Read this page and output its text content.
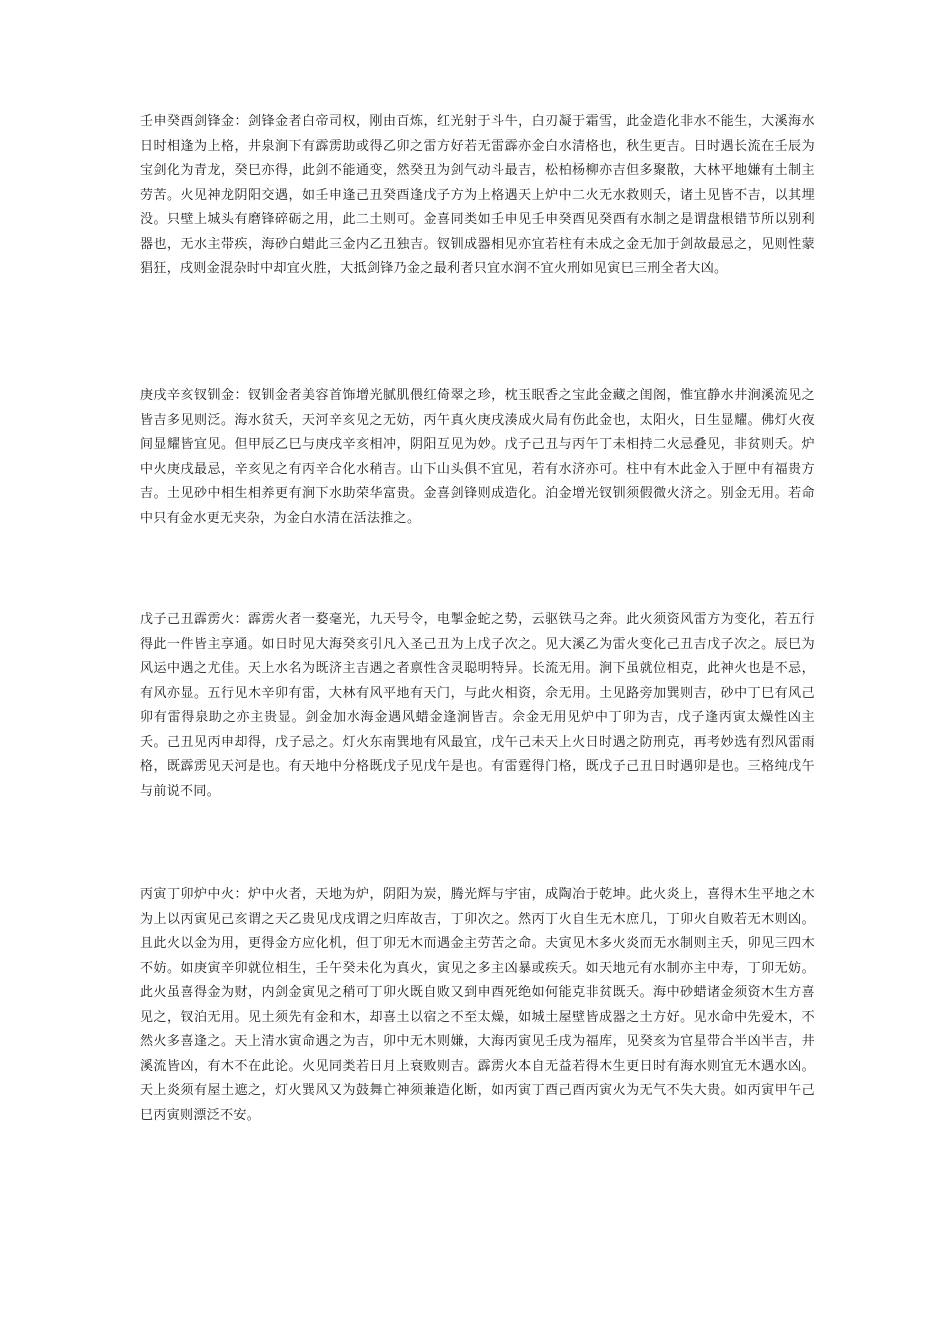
壬申癸酉剑锋金：剑锋金者白帝司权，刚由百炼，红光射于斗牛，白刃凝于霜雪，此金造化非水不能生，大溪海水日时相逢为上格，井泉涧下有霹雳助或得乙卯之雷方好若无雷霹亦金白水清格也，秋生更吉。日时遇长流在壬辰为宝剑化为青龙，癸巳亦得，此剑不能通变，然癸丑为剑气动斗最吉，松柏杨柳亦吉但多聚散，大林平地嫌有土制主劳苦。火见神龙阴阳交遇，如壬申逢己丑癸酉逢戊子方为上格遇天上炉中二火无水救则夭，诸土见皆不吉，以其埋没。只壁上城头有磨锋碎砺之用，此二土则可。金喜同类如壬申见壬申癸酉见癸酉有水制之是谓盘根错节所以别利器也，无水主带疾，海砂白蜡此三金内乙丑独吉。钗钏成器相见亦宜若柱有未成之金无加于剑故最忌之，见则性蒙猖狂，戌则金混杂时中却宜火胜，大抵剑锋乃金之最利者只宜水润不宜火刑如见寅巳三刑全者大凶。

庚戌辛亥钗钏金：钗钏金者美容首饰增光腻肌偎红倚翠之珍，枕玉眠香之宝此金藏之闺阁，惟宜静水井涧溪流见之皆吉多见则泛。海水贫夭，天河辛亥见之无妨，丙午真火庚戌湊成火局有伤此金也，太阳火，日生显耀。佛灯火夜间显耀皆宜见。但甲辰乙巳与庚戌辛亥相冲，阴阳互见为妙。戊子己丑与丙午丁未相持二火忌叠见，非贫则夭。炉中火庚戌最忌，辛亥见之有丙辛合化水稍吉。山下山头俱不宜见，若有水济亦可。柱中有木此金入于匣中有福贵方吉。土见砂中相生相养更有涧下水助荣华富贵。金喜剑锋则成造化。泊金增光钗钏须假微火济之。别金无用。若命中只有金水更无夹杂，为金白水清在活法推之。

戊子己丑霹雳火：霹雳火者一婺毫光，九天号令，电掣金蛇之势，云驱铁马之奔。此火须资风雷方为变化，若五行得此一件皆主享通。如日时见大海癸亥引凡入圣己丑为上戊子次之。见大溪乙为雷火变化己丑吉戊子次之。辰巳为风运中遇之尤佳。天上水名为既济主吉遇之者禀性含灵聪明特异。长流无用。涧下虽就位相克，此神火也是不忌，有风亦显。五行见木辛卯有雷，大林有风平地有天门，与此火相资，佘无用。土见路旁加巽则吉，砂中丁巳有风己卯有雷得泉助之亦主贵显。剑金加水海金遇风蜡金逢涧皆吉。佘金无用见炉中丁卯为吉，戊子逢丙寅太燥性凶主夭。己丑见丙申却得，戊子忌之。灯火东南巽地有风最宜，戊午己未天上火日时遇之防刑克，再考妙选有烈风雷雨格，既霹雳见天河是也。有天地中分格既戊子见戊午是也。有雷霆得门格，既戊子己丑日时遇卯是也。三格纯戊午与前说不同。

丙寅丁卯炉中火：炉中火者，天地为炉，阴阳为炭，腾光辉与宇宙，成陶冶于乾坤。此火炎上，喜得木生平地之木为上以丙寅见己亥谓之天乙贵见戊戌谓之归库故吉，丁卯次之。然丙丁火自生无木庶几，丁卯火自败若无木则凶。且此火以金为用，更得金方应化机，但丁卯无木而遇金主劳苦之命。夫寅见木多火炎而无水制则主夭，卯见三四木不妨。如庚寅辛卯就位相生，壬午癸未化为真火，寅见之多主凶暴或疾夭。如天地元有水制亦主中寿，丁卯无妨。此火虽喜得金为财，内剑金寅见之稍可丁卯火既自败又到申酉死绝如何能克非贫既夭。海中砂蜡诸金须资木生方喜见之，钗泊无用。见土须先有金和木，却喜土以宿之不至太燥，如城土屋壁皆成器之土方好。见水命中先爱木，不然火多喜逢之。天上清水寅命遇之为吉，卯中无木则嫌，大海丙寅见壬戌为福库，见癸亥为官星带合半凶半吉，井溪流皆凶，有木不在此论。火见同类若日月上衰败则吉。霹雳火本自无益若得木生更日时有海水则宜无木遇水凶。天上炎须有屋土遮之，灯火巽风又为鼓舞亡神须兼造化断，如丙寅丁酉己酉丙寅火为无气不失大贵。如丙寅甲午己巳丙寅则漂泛不安。
